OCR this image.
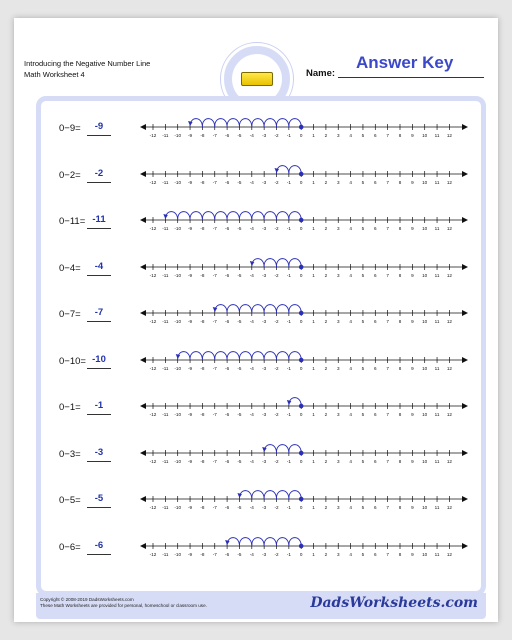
Introducing the Negative Number Line
Math Worksheet 4
Answer Key
Name:
0−9=	-9
-12 -11 -10 -9 -8 -7 -6 -5 -4 -3 -2 -1 0 1 2 3 4 5 6 7 8 9 10 11 12
0−2=	-2
-12 -11 -10 -9 -8 -7 -6 -5 -4 -3 -2 -1 0 1 2 3 4 5 6 7 8 9 10 11 12
0−11= -11
-12 -11 -10 -9 -8 -7 -6 -5 -4 -3 -2 -1 0 1 2 3 4 5 6 7 8 9 10 11 12
0−4=	-4
-12 -11 -10 -9 -8 -7 -6 -5 -4 -3 -2 -1 0 1 2 3 4 5 6 7 8 9 10 11 12
0−7=	-7
-12 -11 -10 -9 -8 -7 -6 -5 -4 -3 -2 -1 0 1 2 3 4 5 6 7 8 9 10 11 12
0−10= -10
-12 -11 -10 -9 -8 -7 -6 -5 -4 -3 -2 -1 0 1 2 3 4 5 6 7 8 9 10 11 12
0−1=	-1
-12 -11 -10 -9 -8 -7 -6 -5 -4 -3 -2 -1 0 1 2 3 4 5 6 7 8 9 10 11 12
0−3=	-3
-12 -11 -10 -9 -8 -7 -6 -5 -4 -3 -2 -1 0 1 2 3 4 5 6 7 8 9 10 11 12
0−5=	-5
-12 -11 -10 -9 -8 -7 -6 -5 -4 -3 -2 -1 0 1 2 3 4 5 6 7 8 9 10 11 12
0−6=	-6
-12 -11 -10 -9 -8 -7 -6 -5 -4 -3 -2 -1 0 1 2 3 4 5 6 7 8 9 10 11 12
Copyright © 2008-2019 DadsWorksheets.com
These Math Worksheets are provided for personal, homeschool or classroom use.	DadsWorksheets.com
